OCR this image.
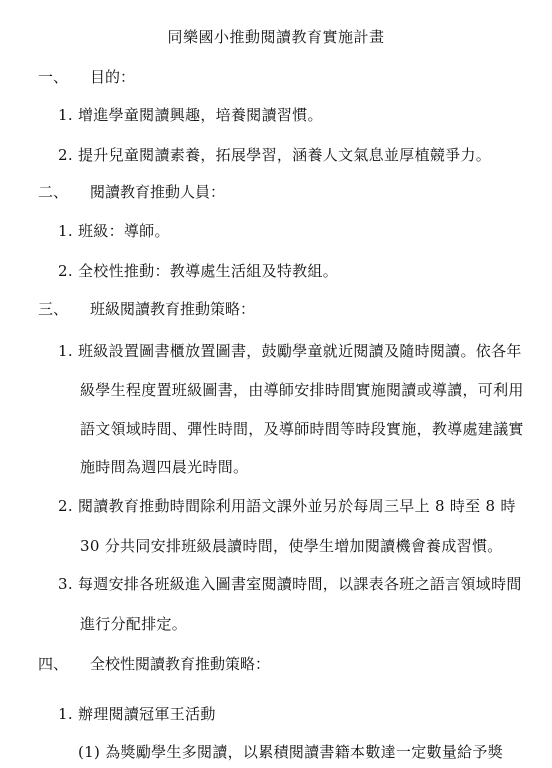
同樂國小推動閱讀教育實施計畫
一、 目的：
1. 增進學童閱讀興趣，培養閱讀習慣。
2. 提升兒童閱讀素養，拓展學習，涵養人文氣息並厚植競爭力。
二、 閱讀教育推動人員：
1. 班級：導師。
2. 全校性推動：教導處生活組及特教組。
三、 班級閱讀教育推動策略：
1. 班級設置圖書櫃放置圖書，鼓勵學童就近閱讀及隨時閱讀。依各年
級學生程度置班級圖書，由導師安排時間實施閱讀或導讀，可利用
語文領域時間、彈性時間，及導師時間等時段實施，教導處建議實
施時間為週四晨光時間。
2. 閱讀教育推動時間除利用語文課外並另於每周三早上 8 時至 8 時
30 分共同安排班級晨讀時間，使學生增加閱讀機會養成習慣。
3. 每週安排各班級進入圖書室閱讀時間，以課表各班之語言領域時間
進行分配排定。
四、 全校性閱讀教育推動策略：
1. 辦理閱讀冠軍王活動
(1) 為獎勵學生多閱讀，以累積閱讀書籍本數達一定數量給予獎
